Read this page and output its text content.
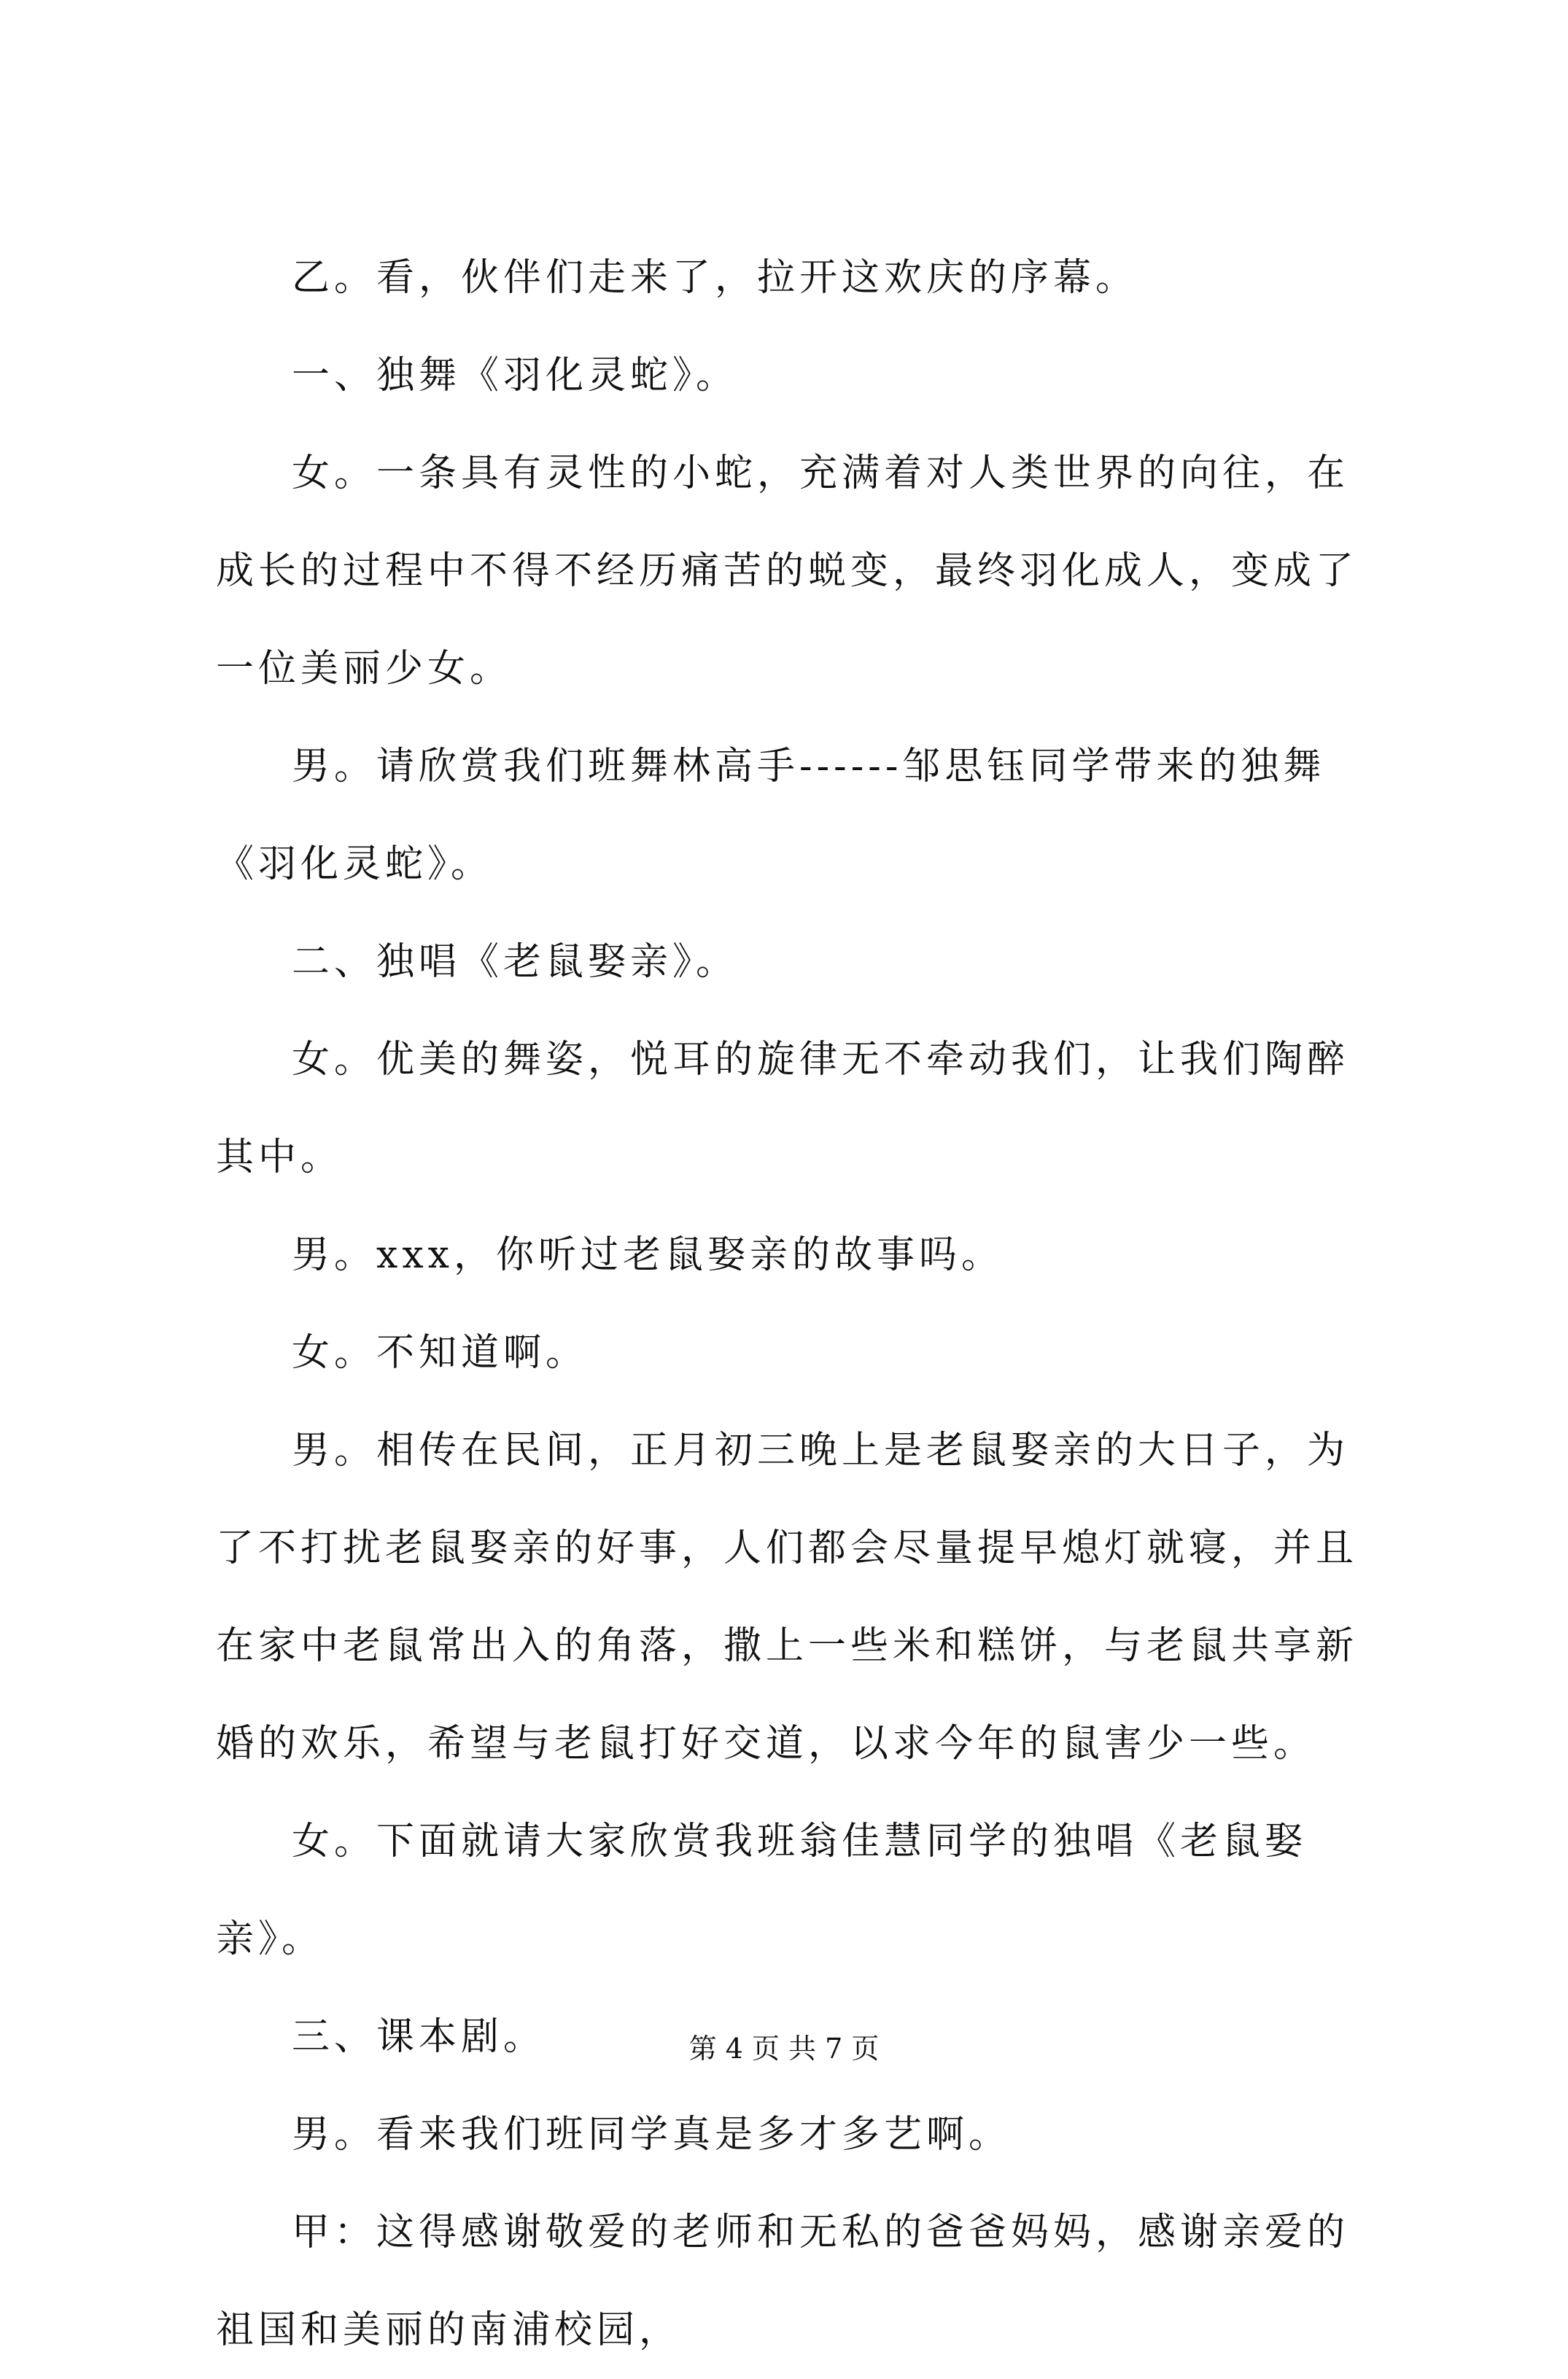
乙。看，伙伴们走来了，拉开这欢庆的序幕。

一、独舞《羽化灵蛇》。

女。一条具有灵性的小蛇，充满着对人类世界的向往，在成长的过程中不得不经历痛苦的蜕变，最终羽化成人，变成了一位美丽少女。

男。请欣赏我们班舞林高手------邹思钰同学带来的独舞《羽化灵蛇》。

二、独唱《老鼠娶亲》。

女。优美的舞姿，悦耳的旋律无不牵动我们，让我们陶醉其中。

男。xxx，你听过老鼠娶亲的故事吗。

女。不知道啊。

男。相传在民间，正月初三晚上是老鼠娶亲的大日子，为了不打扰老鼠娶亲的好事，人们都会尽量提早熄灯就寝，并且在家中老鼠常出入的角落，撒上一些米和糕饼，与老鼠共享新婚的欢乐，希望与老鼠打好交道，以求今年的鼠害少一些。

女。下面就请大家欣赏我班翁佳慧同学的独唱《老鼠娶亲》。

三、课本剧。

男。看来我们班同学真是多才多艺啊。

甲：这得感谢敬爱的老师和无私的爸爸妈妈，感谢亲爱的祖国和美丽的南浦校园，

第 4 页 共 7 页
